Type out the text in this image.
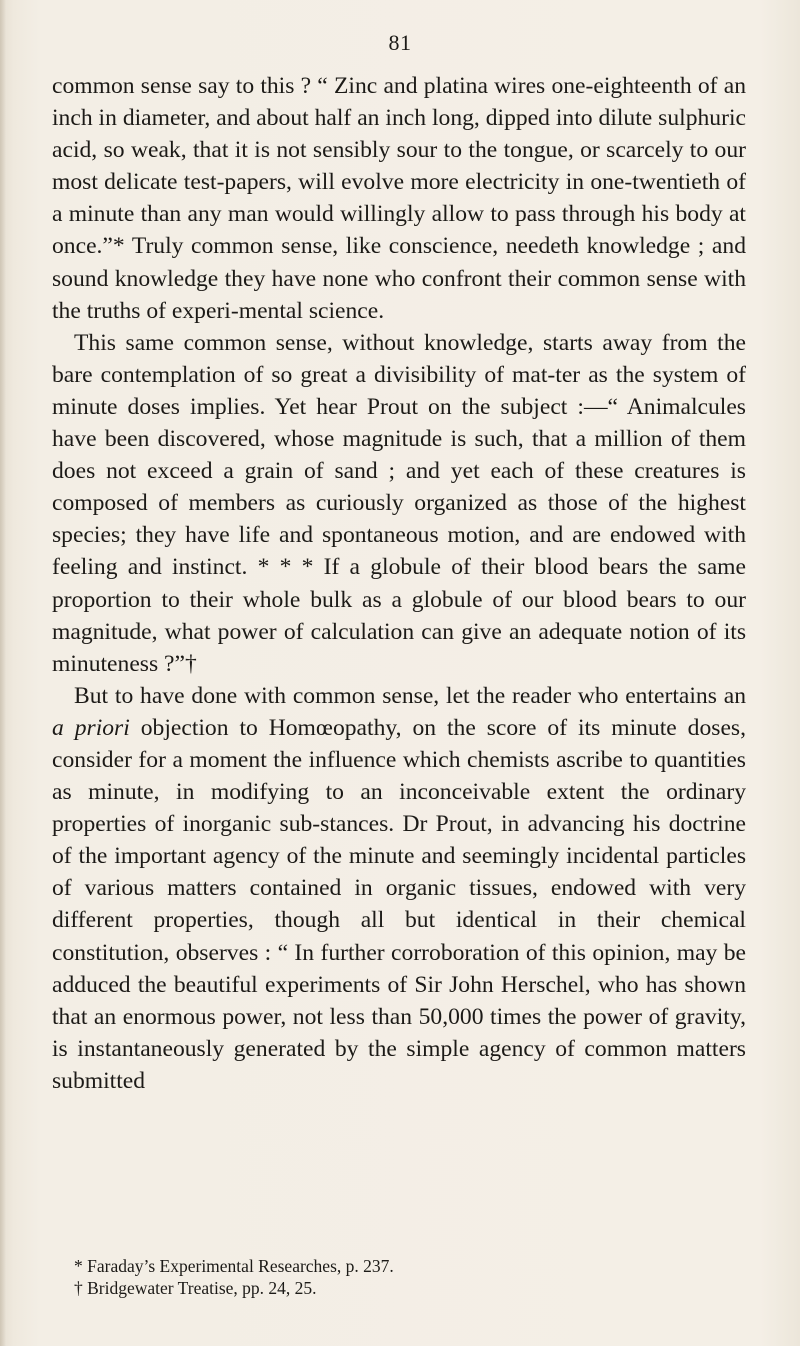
81

common sense say to this ? “ Zinc and platina wires one-eighteenth of an inch in diameter, and about half an inch long, dipped into dilute sulphuric acid, so weak, that it is not sensibly sour to the tongue, or scarcely to our most delicate test-papers, will evolve more electricity in one-twentieth of a minute than any man would willingly allow to pass through his body at once.”* Truly common sense, like conscience, needeth knowledge ; and sound knowledge they have none who confront their common sense with the truths of experi-mental science.

This same common sense, without knowledge, starts away from the bare contemplation of so great a divisibility of mat-ter as the system of minute doses implies. Yet hear Prout on the subject :—“ Animalcules have been discovered, whose magnitude is such, that a million of them does not exceed a grain of sand ; and yet each of these creatures is composed of members as curiously organized as those of the highest species; they have life and spontaneous motion, and are endowed with feeling and instinct. * * * If a globule of their blood bears the same proportion to their whole bulk as a globule of our blood bears to our magnitude, what power of calculation can give an adequate notion of its minuteness ?”†

But to have done with common sense, let the reader who entertains an a priori objection to Homœopathy, on the score of its minute doses, consider for a moment the influence which chemists ascribe to quantities as minute, in modifying to an inconceivable extent the ordinary properties of inorganic sub-stances. Dr Prout, in advancing his doctrine of the important agency of the minute and seemingly incidental particles of various matters contained in organic tissues, endowed with very different properties, though all but identical in their chemical constitution, observes : “ In further corroboration of this opinion, may be adduced the beautiful experiments of Sir John Herschel, who has shown that an enormous power, not less than 50,000 times the power of gravity, is instantaneously generated by the simple agency of common matters submitted

* Faraday’s Experimental Researches, p. 237.

† Bridgewater Treatise, pp. 24, 25.
